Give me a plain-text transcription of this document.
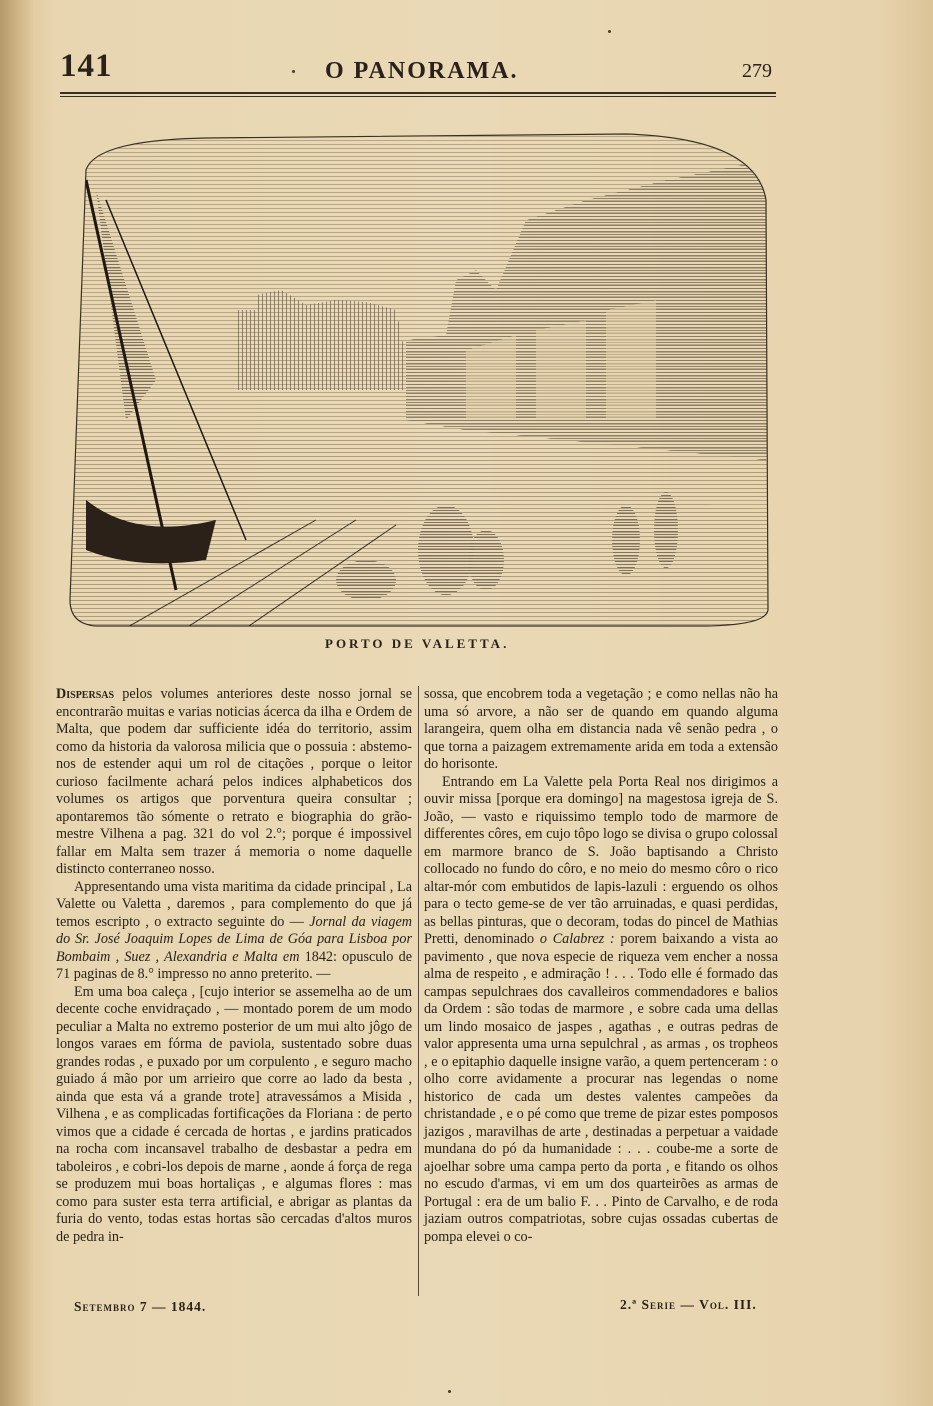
141	O PANORAMA.	279
PORTO DE VALETTA.

Dispersas pelos volumes anteriores deste nosso jornal se encontrarão muitas e varias noticias ácerca da ilha e Ordem de Malta, que podem dar sufficiente idéa do territorio, assim como da historia da valorosa milicia que o possuia : abstemo-nos de estender aqui um rol de citações , porque o leitor curioso facilmente achará pelos indices alphabeticos dos volumes os artigos que porventura queira consultar ; apontaremos tão sómente o retrato e biographia do grão-mestre Vilhena a pag. 321 do vol 2.°; porque é impossivel fallar em Malta sem trazer á memoria o nome daquelle distincto conterraneo nosso.

Appresentando uma vista maritima da cidade principal , La Valette ou Valetta , daremos , para complemento do que já temos escripto , o extracto seguinte do — Jornal da viagem do Sr. José Joaquim Lopes de Lima de Góa para Lisboa por Bombaim , Suez , Alexandria e Malta em 1842: opusculo de 71 paginas de 8.° impresso no anno preterito. —

Em uma boa caleça , [cujo interior se assemelha ao de um decente coche envidraçado , — montado porem de um modo peculiar a Malta no extremo posterior de um mui alto jôgo de longos varaes em fórma de paviola, sustentado sobre duas grandes rodas , e puxado por um corpulento , e seguro macho guiado á mão por um arrieiro que corre ao lado da besta , ainda que esta vá a grande trote] atravessámos a Misida , Vilhena , e as complicadas fortificações da Floriana : de perto vimos que a cidade é cercada de hortas , e jardins praticados na rocha com incansavel trabalho de desbastar a pedra em taboleiros , e cobri-los depois de marne , aonde á força de rega se produzem mui boas hortaliças , e algumas flores : mas como para suster esta terra artificial, e abrigar as plantas da furia do vento, todas estas hortas são cercadas d'altos muros de pedra in-

sossa, que encobrem toda a vegetação ; e como nellas não ha uma só arvore, a não ser de quando em quando alguma larangeira, quem olha em distancia nada vê senão pedra , o que torna a paizagem extremamente arida em toda a extensão do horisonte.

Entrando em La Valette pela Porta Real nos dirigimos a ouvir missa [porque era domingo] na magestosa igreja de S. João, — vasto e riquissimo templo todo de marmore de differentes côres, em cujo tôpo logo se divisa o grupo colossal em marmore branco de S. João baptisando a Christo collocado no fundo do côro, e no meio do mesmo côro o rico altar-mór com embutidos de lapis-lazuli : erguendo os olhos para o tecto geme-se de ver tão arruinadas, e quasi perdidas, as bellas pinturas, que o decoram, todas do pincel de Mathias Pretti, denominado o Calabrez : porem baixando a vista ao pavimento , que nova especie de riqueza vem encher a nossa alma de respeito , e admiração ! . . . Todo elle é formado das campas sepulchraes dos cavalleiros commendadores e balios da Ordem : são todas de marmore , e sobre cada uma dellas um lindo mosaico de jaspes , agathas , e outras pedras de valor appresenta uma urna sepulchral , as armas , os tropheos , e o epitaphio daquelle insigne varão, a quem pertenceram : o olho corre avidamente a procurar nas legendas o nome historico de cada um destes valentes campeões da christandade , e o pé como que treme de pizar estes pomposos jazigos , maravilhas de arte , destinadas a perpetuar a vaidade mundana do pó da humanidade : . . . coube-me a sorte de ajoelhar sobre uma campa perto da porta , e fitando os olhos no escudo d'armas, vi em um dos quarteirões as armas de Portugal : era de um balio F. . . Pinto de Carvalho, e de roda jaziam outros compatriotas, sobre cujas ossadas cubertas de pompa elevei o co-

Setembro 7 — 1844.	2.ª Serie — Vol. III.
